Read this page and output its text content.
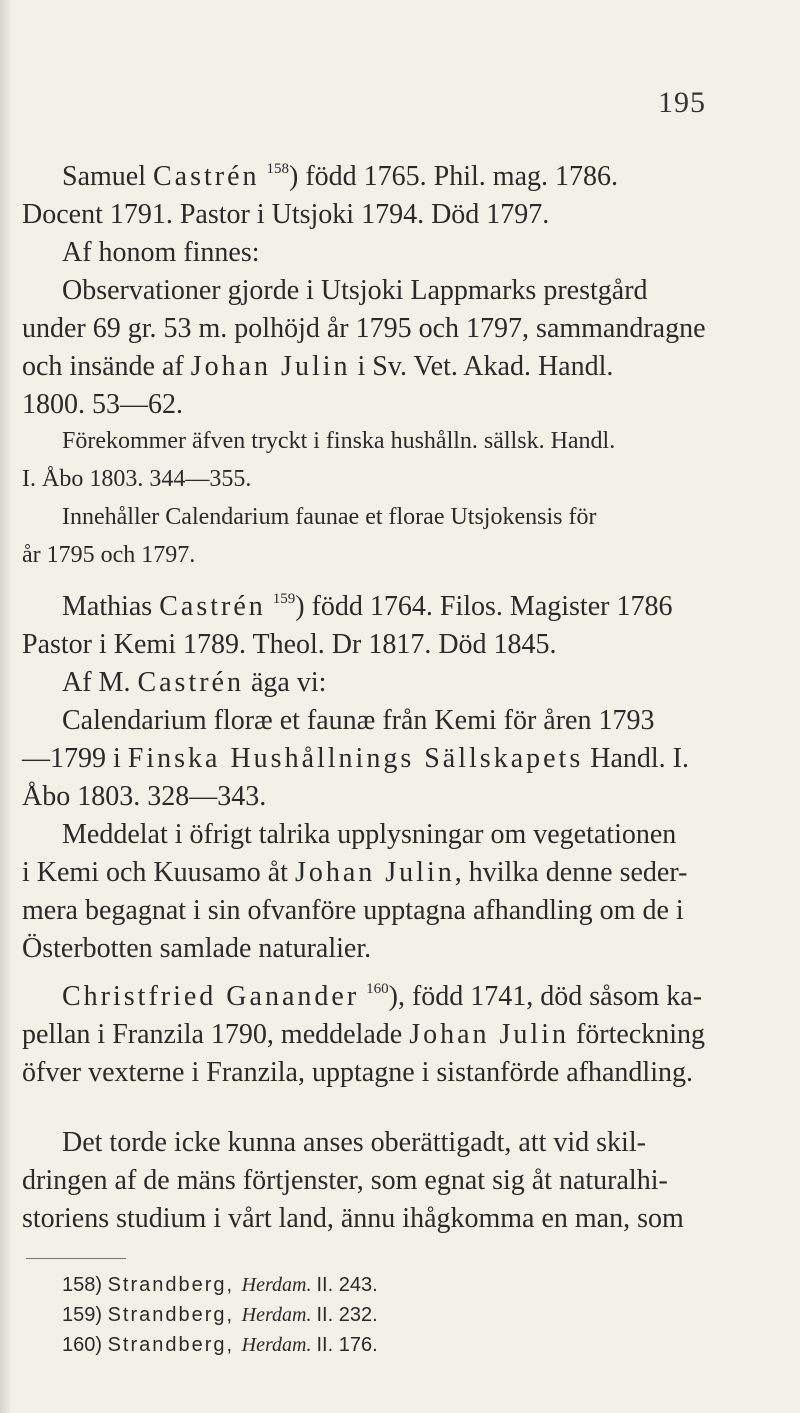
195
Samuel Castrén $^{158}$) född 1765. Phil. mag. 1786.
Docent 1791. Pastor i Utsjoki 1794. Död 1797.
Af honom finnes:
Observationer gjorde i Utsjoki Lappmarks prestgård
under 69 gr. 53 m. polhöjd år 1795 och 1797, sammandragne
och insände af Johan Julin i Sv. Vet. Akad. Handl.
1800. 53—62.
Förekommer äfven tryckt i finska hushålln. sällsk. Handl.
I. Åbo 1803. 344—355.
Innehåller Calendarium faunae et florae Utsjokensis för
år 1795 och 1797.
Mathias Castrén $^{159}$) född 1764. Filos. Magister 1786
Pastor i Kemi 1789. Theol. Dr 1817. Död 1845.
Af M. Castrén äga vi:
Calendarium floræ et faunæ från Kemi för åren 1793
—1799 i Finska Hushållnings Sällskapets Handl. I.
Åbo 1803. 328—343.
Meddelat i öfrigt talrika upplysningar om vegetationen
i Kemi och Kuusamo åt Johan Julin, hvilka denne seder-
mera begagnat i sin ofvanföre upptagna afhandling om de i
Österbotten samlade naturalier.
Christfried Ganander $^{160}$), född 1741, död såsom ka-
pellan i Franzila 1790, meddelade Johan Julin förteckning
öfver vexterne i Franzila, upptagne i sistanförde afhandling.
Det torde icke kunna anses oberättigadt, att vid skil-
dringen af de mäns förtjenster, som egnat sig åt naturalhi-
storiens studium i vårt land, ännu ihågkomma en man, som
158) Strandberg, Herdam. II. 243.
159) Strandberg, Herdam. II. 232.
160) Strandberg, Herdam. II. 176.
